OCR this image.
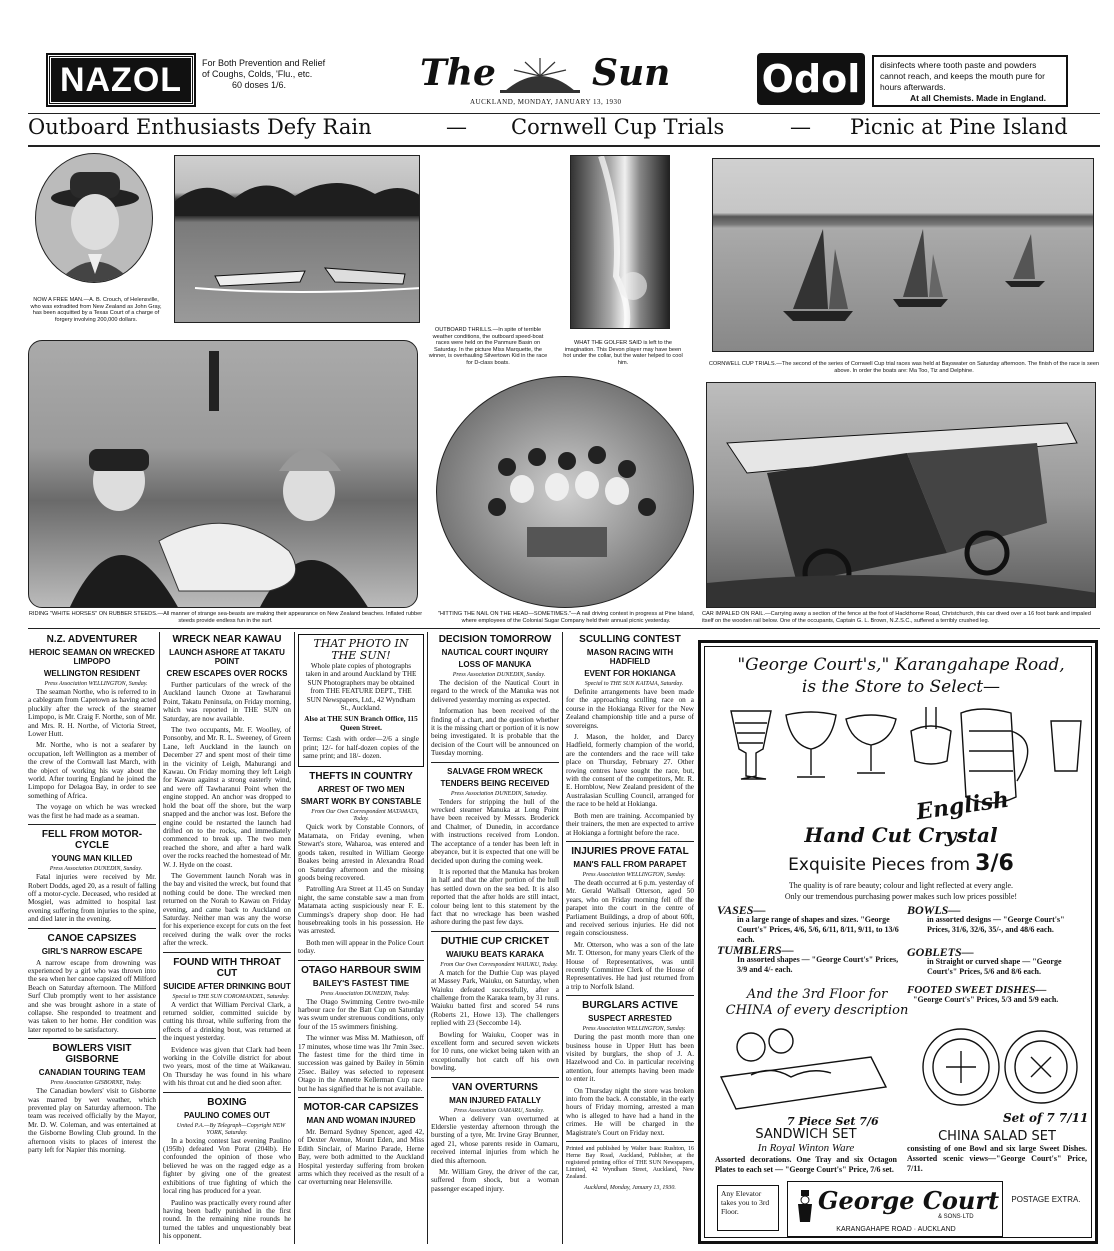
NAZOL For Both Prevention and Relief of Coughs, Colds, 'Flu., etc.
60 doses 1/6.	The	Sun
AUCKLAND, MONDAY, JANUARY 13, 1930
Odol	disinfects where tooth paste and powders cannot reach, and keeps the mouth pure for hours afterwards.
At all Chemists. Made in England.
Outboard Enthusiasts Defy Rain	— Cornwell Cup Trials	— Picnic at Pine Island
NOW A FREE MAN.—A. B. Crouch, of Helensville, who was extradited from New Zealand as John Gray, has been acquitted by a Texas Court of a charge of forgery involving 200,000 dollars.
OUTBOARD THRILLS.—In spite of terrible weather conditions, the outboard speed-boat races were held on the Panmure Basin on Saturday. In the picture Miss Marquette, the winner, is overhauling Silvertown Kid in the race for D-class boats.
WHAT THE GOLFER SAID is left to the imagination. This Devon player may have been hot under the collar, but the water helped to cool him.	CORNWELL CUP TRIALS.—The second of the series of Cornwell Cup trial races was held at Bayswater on Saturday afternoon. The finish of the race is seen above. In order the boats are: Ma Too, Tiz and Delphine.
RIDING "WHITE HORSES" ON RUBBER STEEDS.—All manner of strange sea-beasts are making their appearance on New Zealand beaches. Inflated rubber steeds provide endless fun in the surf.
"HITTING THE NAIL ON THE HEAD—SOMETIMES."—A nail driving contest in progress at Pine Island, where employees of the Colonial Sugar Company held their annual picnic yesterday.
CAR IMPALED ON RAIL.—Carrying away a section of the fence at the foot of Hackthorne Road, Christchurch, this car dived over a 16 foot bank and impaled itself on the wooden rail below. One of the occupants, Captain G. L. Brown, N.Z.S.C., suffered a terribly crushed leg.
N.Z. ADVENTURER
HEROIC SEAMAN ON WRECKED LIMPOPO
WELLINGTON RESIDENT

Press Association WELLINGTON, Sunday.

The seaman Northe, who is referred to in a cablegram from Capetown as having acted pluckily after the wreck of the steamer Limpopo, is Mr. Craig F. Northe, son of Mr. and Mrs. R. H. Northe, of Victoria Street, Lower Hutt.

Mr. Northe, who is not a seafarer by occupation, left Wellington as a member of the crew of the Cornwall last March, with the object of working his way about the world. After touring England he joined the Limpopo for Delagoa Bay, in order to see something of Africa.

The voyage on which he was wrecked was the first he had made as a seaman.

FELL FROM MOTOR-CYCLE
YOUNG MAN KILLED

Press Association DUNEDIN, Sunday.

Fatal injuries were received by Mr. Robert Dodds, aged 20, as a result of falling off a motor-cycle. Deceased, who resided at Mosgiel, was admitted to hospital last evening suffering from injuries to the spine, and died later in the evening.

CANOE CAPSIZES
GIRL'S NARROW ESCAPE

A narrow escape from drowning was experienced by a girl who was thrown into the sea when her canoe capsized off Milford Beach on Saturday afternoon. The Milford Surf Club promptly went to her assistance and she was brought ashore in a state of collapse. She responded to treatment and was taken to her home. Her condition was later reported to be satisfactory.

BOWLERS VISIT GISBORNE
CANADIAN TOURING TEAM

Press Association GISBORNE, Today.

The Canadian bowlers' visit to Gisborne was marred by wet weather, which prevented play on Saturday afternoon. The team was received officially by the Mayor, Mr. D. W. Coleman, and was entertained at the Gisborne Bowling Club ground. In the afternoon visits to places of interest the party left for Napier this morning.

WRECK NEAR KAWAU
LAUNCH ASHORE AT TAKATU POINT
CREW ESCAPES OVER ROCKS

Further particulars of the wreck of the Auckland launch Ozone at Tawharanui Point, Takatu Peninsula, on Friday morning, which was reported in THE SUN on Saturday, are now available.

The two occupants, Mr. F. Woolley, of Ponsonby, and Mr. R. L. Sweeney, of Green Lane, left Auckland in the launch on December 27 and spent most of their time in the vicinity of Leigh, Mahurangi and Kawau. On Friday morning they left Leigh for Kawau against a strong easterly wind, and were off Tawharanui Point when the engine stopped. An anchor was dropped to hold the boat off the shore, but the warp snapped and the anchor was lost. Before the engine could be restarted the launch had drifted on to the rocks, and immediately commenced to break up. The two men reached the shore, and after a hard walk over the rocks reached the homestead of Mr. W. J. Hyde on the coast.

The Government launch Norah was in the bay and visited the wreck, but found that nothing could be done. The wrecked men returned on the Norah to Kawau on Friday evening, and came back to Auckland on Saturday. Neither man was any the worse for his experience except for cuts on the feet received during the walk over the rocks after the wreck.

FOUND WITH THROAT CUT
SUICIDE AFTER DRINKING BOUT

Special to THE SUN COROMANDEL, Saturday.

A verdict that William Percival Clark, a returned soldier, committed suicide by cutting his throat, while suffering from the effects of a drinking bout, was returned at the inquest yesterday.

Evidence was given that Clark had been working in the Colville district for about two years, most of the time at Waikawau. On Thursday he was found in his whare with his throat cut and he died soon after.

BOXING
PAULINO COMES OUT

United P.A.—By Telegraph—Copyright NEW YORK, Saturday.

In a boxing contest last evening Paulino (195lb) defeated Von Porat (204lb). He confounded the opinion of those who believed he was on the ragged edge as a fighter by giving one of the greatest exhibitions of true fighting of which the local ring has produced for a year.

Paulino was practically every round after having been badly punished in the first round. In the remaining nine rounds he turned the tables and unquestionably beat his opponent.

THAT PHOTO IN THE SUN!

Whole plate copies of photographs taken in and around Auckland by THE SUN Photographers may be obtained from THE FEATURE DEPT., THE SUN Newspapers, Ltd., 42 Wyndham St., Auckland.

Also at THE SUN Branch Office, 115 Queen Street.

Terms: Cash with order—2/6 a single print; 12/- for half-dozen copies of the same print; and 18/- dozen.

THEFTS IN COUNTRY
ARREST OF TWO MEN
SMART WORK BY CONSTABLE

From Our Own Correspondent MATAMATA, Today.

Quick work by Constable Connors, of Matamata, on Friday evening, when Stewart's store, Waharoa, was entered and goods taken, resulted in William George Boakes being arrested in Alexandra Road on Saturday afternoon and the missing goods being recovered.

Patrolling Ara Street at 11.45 on Sunday night, the same constable saw a man from Matamata acting suspiciously near F. E. Cummings's drapery shop door. He had housebreaking tools in his possession. He was arrested.

Both men will appear in the Police Court today.

OTAGO HARBOUR SWIM
BAILEY'S FASTEST TIME

Press Association DUNEDIN, Today.

The Otago Swimming Centre two-mile harbour race for the Batt Cup on Saturday was swum under strenuous conditions, only four of the 15 swimmers finishing.

The winner was Miss M. Mathieson, off 17 minutes, whose time was 1hr 7min 3sec. The fastest time for the third time in succession was gained by Bailey in 56min 25sec. Bailey was selected to represent Otago in the Annette Kellerman Cup race but he has signified that he is not available.

MOTOR-CAR CAPSIZES
MAN AND WOMAN INJURED

Mr. Bernard Sydney Spencer, aged 42, of Dexter Avenue, Mount Eden, and Miss Edith Sinclair, of Marino Parade, Herne Bay, were both admitted to the Auckland Hospital yesterday suffering from broken arms which they received as the result of a car overturning near Helensville.

DECISION TOMORROW
NAUTICAL COURT INQUIRY
LOSS OF MANUKA

Press Association DUNEDIN, Sunday.

The decision of the Nautical Court in regard to the wreck of the Manuka was not delivered yesterday morning as expected.

Information has been received of the finding of a chart, and the question whether it is the missing chart or portion of it is now being investigated. It is probable that the decision of the Court will be announced on Tuesday morning.

SALVAGE FROM WRECK
TENDERS BEING RECEIVED

Press Association DUNEDIN, Saturday.

Tenders for stripping the hull of the wrecked steamer Manuka at Long Point have been received by Messrs. Broderick and Chalmer, of Dunedin, in accordance with instructions received from London. The acceptance of a tender has been left in abeyance, but it is expected that one will be decided upon during the coming week.

It is reported that the Manuka has broken in half and that the after portion of the hull has settled down on the sea bed. It is also reported that the after holds are still intact, colour being lent to this statement by the fact that no wreckage has been washed ashore during the past few days.

DUTHIE CUP CRICKET
WAIUKU BEATS KARAKA

From Our Own Correspondent WAIUKU, Today.

A match for the Duthie Cup was played at Massey Park, Waiuku, on Saturday, when Waiuku defeated successfully, after a challenge from the Karaka team, by 31 runs. Waiuku batted first and scored 54 runs (Roberts 21, Howe 13). The challengers replied with 23 (Seccombe 14).

Bowling for Waiuku, Cooper was in excellent form and secured seven wickets for 10 runs, one wicket being taken with an exceptionally hot catch off his own bowling.

VAN OVERTURNS
MAN INJURED FATALLY

Press Association OAMARU, Sunday.

When a delivery van overturned at Elderslie yesterday afternoon through the bursting of a tyre, Mr. Irvine Gray Brunner, aged 21, whose parents reside in Oamaru, received internal injuries from which he died this afternoon.

Mr. William Grey, the driver of the car, suffered from shock, but a woman passenger escaped injury.

SCULLING CONTEST
MASON RACING WITH HADFIELD
EVENT FOR HOKIANGA

Special to THE SUN KAITAIA, Saturday.

Definite arrangements have been made for the approaching sculling race on a course in the Hokianga River for the New Zealand championship title and a purse of sovereigns.

J. Mason, the holder, and Darcy Hadfield, formerly champion of the world, are the contenders and the race will take place on Thursday, February 27. Other rowing centres have sought the race, but, with the consent of the competitors, Mr. R. E. Hornblow, New Zealand president of the Australasian Sculling Council, arranged for the race to be held at Hokianga.

Both men are training. Accompanied by their trainers, the men are expected to arrive at Hokianga a fortnight before the race.

INJURIES PROVE FATAL
MAN'S FALL FROM PARAPET

Press Association WELLINGTON, Sunday.

The death occurred at 6 p.m. yesterday of Mr. Gerald Wallsall Otterson, aged 50 years, who on Friday morning fell off the parapet into the court in the centre of Parliament Buildings, a drop of about 60ft, and received serious injuries. He did not regain consciousness.

Mr. Otterson, who was a son of the late Mr. T. Otterson, for many years Clerk of the House of Representatives, was until recently Committee Clerk of the House of Representatives. He had just returned from a trip to Norfolk Island.

BURGLARS ACTIVE
SUSPECT ARRESTED

Press Association WELLINGTON, Sunday.

During the past month more than one business house in Upper Hutt has been visited by burglars, the shop of J. A. Hazelwood and Co. in particular receiving attention, four attempts having been made to enter it.

On Thursday night the store was broken into from the back. A constable, in the early hours of Friday morning, arrested a man who is alleged to have had a hand in the crimes. He will be charged in the Magistrate's Court on Friday next.

Printed and published by Walter Isaac Rushton, 16 Herne Bay Road, Auckland, Publisher, at the registered printing office of THE SUN Newspapers, Limited, 42 Wyndham Street, Auckland, New Zealand.

Auckland, Monday, January 13, 1930.

"George Court's," Karangahape Road,
is the Store to Select—
English
Hand Cut Crystal
Exquisite Pieces from 3/6
The quality is of rare beauty; colour and light reflected at every angle.
Only our tremendous purchasing power makes such low prices possible!
VASES—
in a large range of shapes and sizes. "George Court's" Prices, 4/6, 5/6, 6/11, 8/11, 9/11, to 13/6 each.
BOWLS—
in assorted designs — "George Court's" Prices, 31/6, 32/6, 35/-, and 48/6 each.
GOBLETS—
in Straight or curved shape — "George Court's" Prices, 5/6 and 8/6 each.
TUMBLERS—
In assorted shapes — "George Court's" Prices, 3/9 and 4/- each.
FOOTED SWEET DISHES—
"George Court's" Prices, 5/3 and 5/9 each.
And the 3rd Floor for
CHINA of every description
7 Piece Set 7/6	Set of 7 7/11
SANDWICH SET
In Royal Winton Ware
Assorted decorations. One Tray and six Octagon Plates to each set — "George Court's" Price, 7/6 set.
CHINA SALAD SET
consisting of one Bowl and six large Sweet Dishes. Assorted scenic views—"George Court's" Price, 7/11.
Any Elevator takes you to 3rd Floor.	George Court
& SONS·LTD
KARANGAHAPE ROAD · AUCKLAND
POSTAGE EXTRA.
